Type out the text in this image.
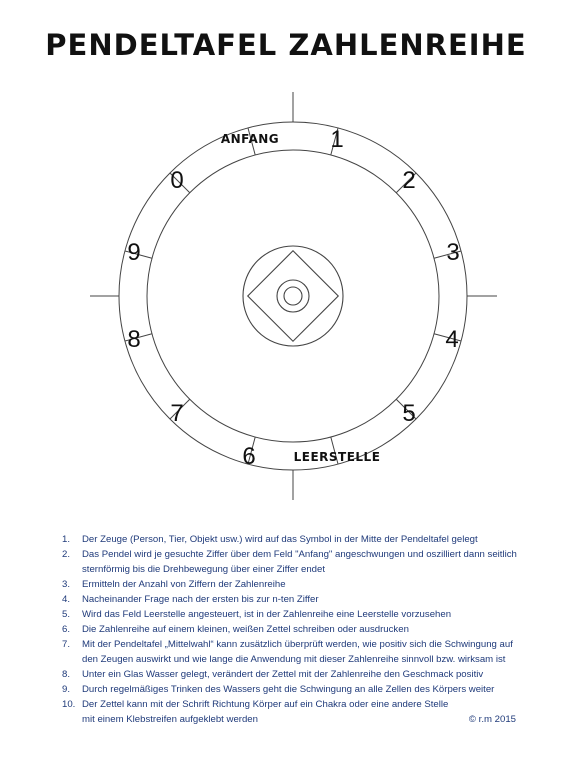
PENDELTAFEL ZAHLENREIHE
1
2
3
4
5
6
7
8
9
0
ANFANG
LEERSTELLE
1.	Der Zeuge (Person, Tier, Objekt usw.) wird auf das Symbol in der Mitte der Pendeltafel gelegt
2.	Das Pendel wird je gesuchte Ziffer über dem Feld "Anfang" angeschwungen und oszilliert dann seitlich sternförmig bis die Drehbewegung über einer Ziffer endet
3.	Ermitteln der Anzahl von Ziffern der Zahlenreihe
4.	Nacheinander Frage nach der ersten bis zur n-ten Ziffer
5.	Wird das Feld Leerstelle angesteuert, ist in der Zahlenreihe eine Leerstelle vorzusehen
6.	Die Zahlenreihe auf einem kleinen, weißen Zettel schreiben oder ausdrucken
7.	Mit der Pendeltafel „Mittelwahl“ kann zusätzlich überprüft werden, wie positiv sich die Schwingung auf den Zeugen auswirkt und wie lange die Anwendung mit dieser Zahlenreihe sinnvoll bzw. wirksam ist
8.	Unter ein Glas Wasser gelegt, verändert der Zettel mit der Zahlenreihe den Geschmack positiv
9.	Durch regelmäßiges Trinken des Wassers geht die Schwingung an alle Zellen des Körpers weiter
10. Der Zettel kann mit der Schrift Richtung Körper auf ein Chakra oder eine andere Stelle mit einem Klebstreifen aufgeklebt werden	© r.m 2015
